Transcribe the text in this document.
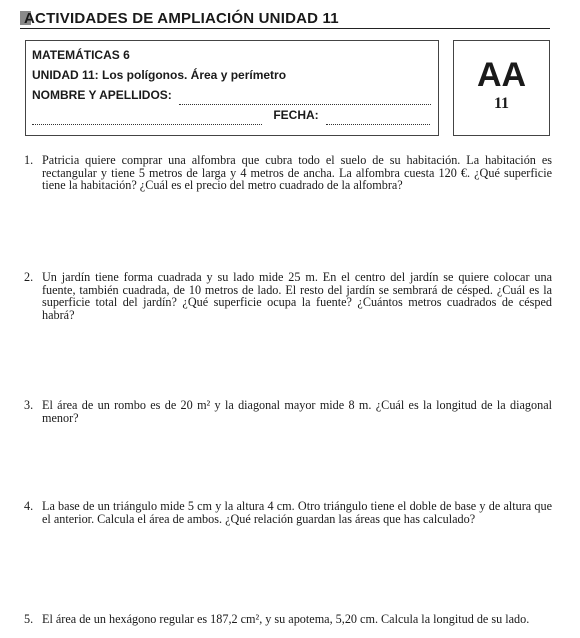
ACTIVIDADES DE AMPLIACIÓN UNIDAD 11
MATEMÁTICAS 6
UNIDAD 11: Los polígonos. Área y perímetro
NOMBRE Y APELLIDOS:
FECHA:
AA
11
1. Patricia quiere comprar una alfombra que cubra todo el suelo de su habitación. La habitación es rectangular y tiene 5 metros de larga y 4 metros de ancha. La alfombra cuesta 120 €. ¿Qué superficie tiene la habitación? ¿Cuál es el precio del metro cuadrado de la alfombra?
2. Un jardín tiene forma cuadrada y su lado mide 25 m. En el centro del jardín se quiere colocar una fuente, también cuadrada, de 10 metros de lado. El resto del jardín se sembrará de césped. ¿Cuál es la superficie total del jardín? ¿Qué superficie ocupa la fuente? ¿Cuántos metros cuadrados de césped habrá?
3. El área de un rombo es de 20 m² y la diagonal mayor mide 8 m. ¿Cuál es la longitud de la diagonal menor?
4. La base de un triángulo mide 5 cm y la altura 4 cm. Otro triángulo tiene el doble de base y de altura que el anterior. Calcula el área de ambos. ¿Qué relación guardan las áreas que has calculado?
5. El área de un hexágono regular es 187,2 cm², y su apotema, 5,20 cm. Calcula la longitud de su lado.
